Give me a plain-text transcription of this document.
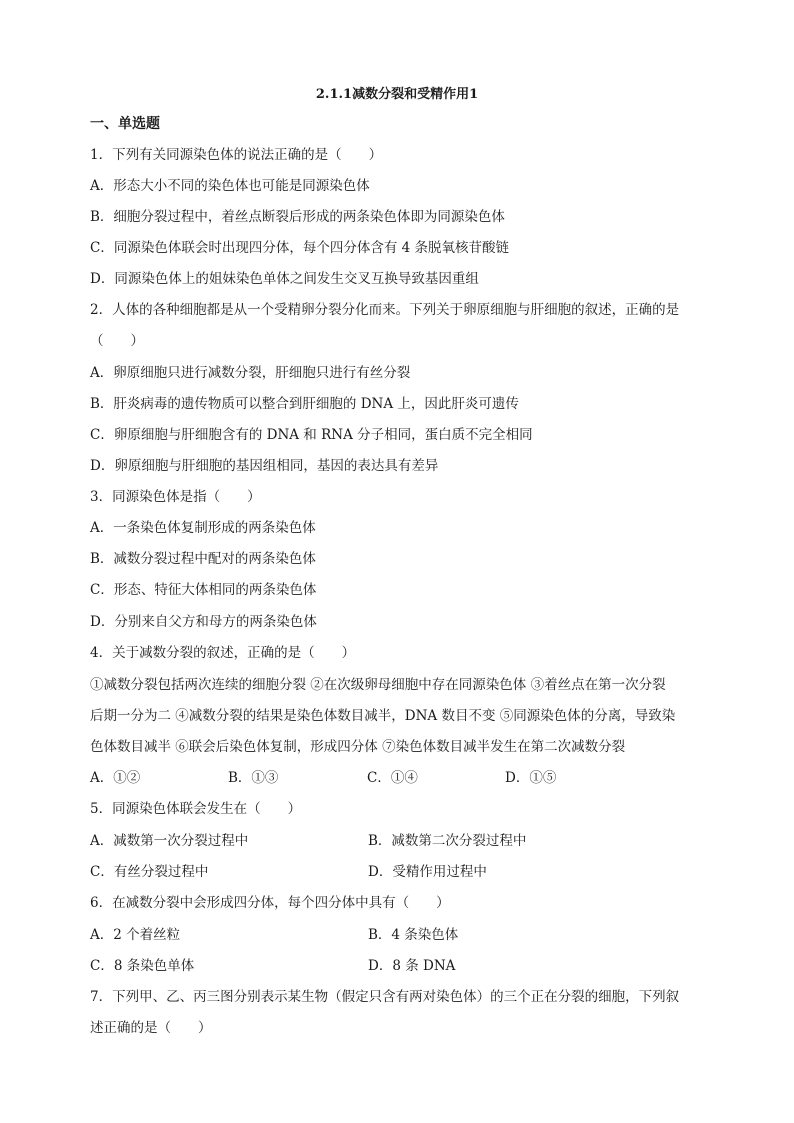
2.1.1减数分裂和受精作用1
一、单选题
1．下列有关同源染色体的说法正确的是（　　）
A．形态大小不同的染色体也可能是同源染色体
B．细胞分裂过程中，着丝点断裂后形成的两条染色体即为同源染色体
C．同源染色体联会时出现四分体，每个四分体含有 4 条脱氧核苷酸链
D．同源染色体上的姐妹染色单体之间发生交叉互换导致基因重组
2．人体的各种细胞都是从一个受精卵分裂分化而来。下列关于卵原细胞与肝细胞的叙述，正确的是
（　　）
A．卵原细胞只进行减数分裂，肝细胞只进行有丝分裂
B．肝炎病毒的遗传物质可以整合到肝细胞的 DNA 上，因此肝炎可遗传
C．卵原细胞与肝细胞含有的 DNA 和 RNA 分子相同，蛋白质不完全相同
D．卵原细胞与肝细胞的基因组相同，基因的表达具有差异
3．同源染色体是指（　　）
A．一条染色体复制形成的两条染色体
B．减数分裂过程中配对的两条染色体
C．形态、特征大体相同的两条染色体
D．分别来自父方和母方的两条染色体
4．关于减数分裂的叙述，正确的是（　　）
①减数分裂包括两次连续的细胞分裂 ②在次级卵母细胞中存在同源染色体 ③着丝点在第一次分裂
后期一分为二 ④减数分裂的结果是染色体数目减半，DNA 数目不变 ⑤同源染色体的分离，导致染
色体数目减半 ⑥联会后染色体复制，形成四分体 ⑦染色体数目减半发生在第二次减数分裂
A．①②	B．①③	C．①④	D．①⑤
5．同源染色体联会发生在（　　）
A．减数第一次分裂过程中	B．减数第二次分裂过程中
C．有丝分裂过程中	D．受精作用过程中
6．在减数分裂中会形成四分体，每个四分体中具有（　　）
A．2 个着丝粒	B．4 条染色体
C．8 条染色单体	D．8 条 DNA
7．下列甲、乙、丙三图分别表示某生物（假定只含有两对染色体）的三个正在分裂的细胞，下列叙
述正确的是（　　）
